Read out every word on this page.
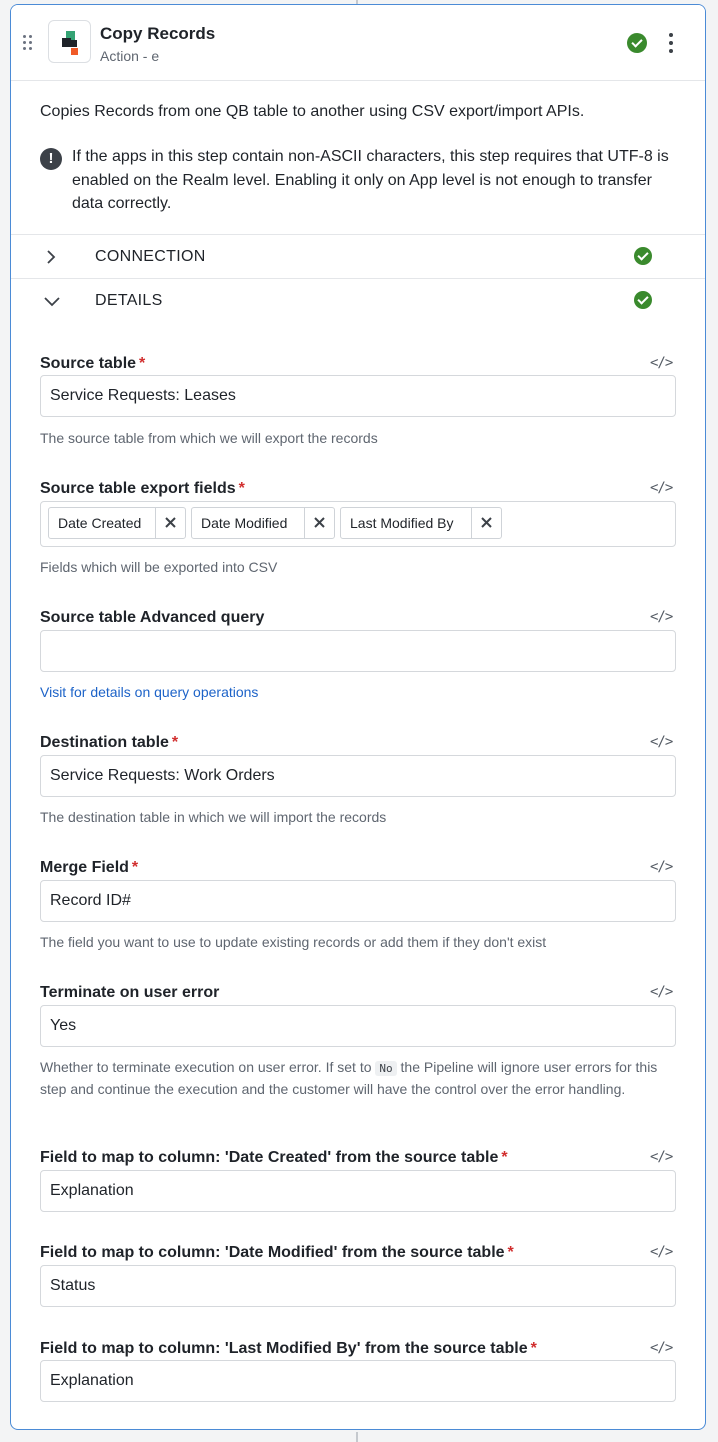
Copy Records
Action - e
Copies Records from one QB table to another using CSV export/import APIs.
!	If the apps in this step contain non-ASCII characters, this step requires that UTF-8 is enabled on the Realm level. Enabling it only on App level is not enough to transfer data correctly.
CONNECTION
DETAILS
Source table *	</>
Service Requests: Leases
The source table from which we will export the records
Source table export fields *	</>
Date Created	Date Modified	Last Modified By
Fields which will be exported into CSV
Source table Advanced query	</>
Visit for details on query operations
Destination table *	</>
Service Requests: Work Orders
The destination table in which we will import the records
Merge Field *	</>
Record ID#
The field you want to use to update existing records or add them if they don't exist
Terminate on user error	</>
Yes
Whether to terminate execution on user error. If set to No the Pipeline will ignore user errors for this step and continue the execution and the customer will have the control over the error handling.
Field to map to column: 'Date Created' from the source table *	</>
Explanation
Field to map to column: 'Date Modified' from the source table *	</>
Status
Field to map to column: 'Last Modified By' from the source table *	</>
Explanation
